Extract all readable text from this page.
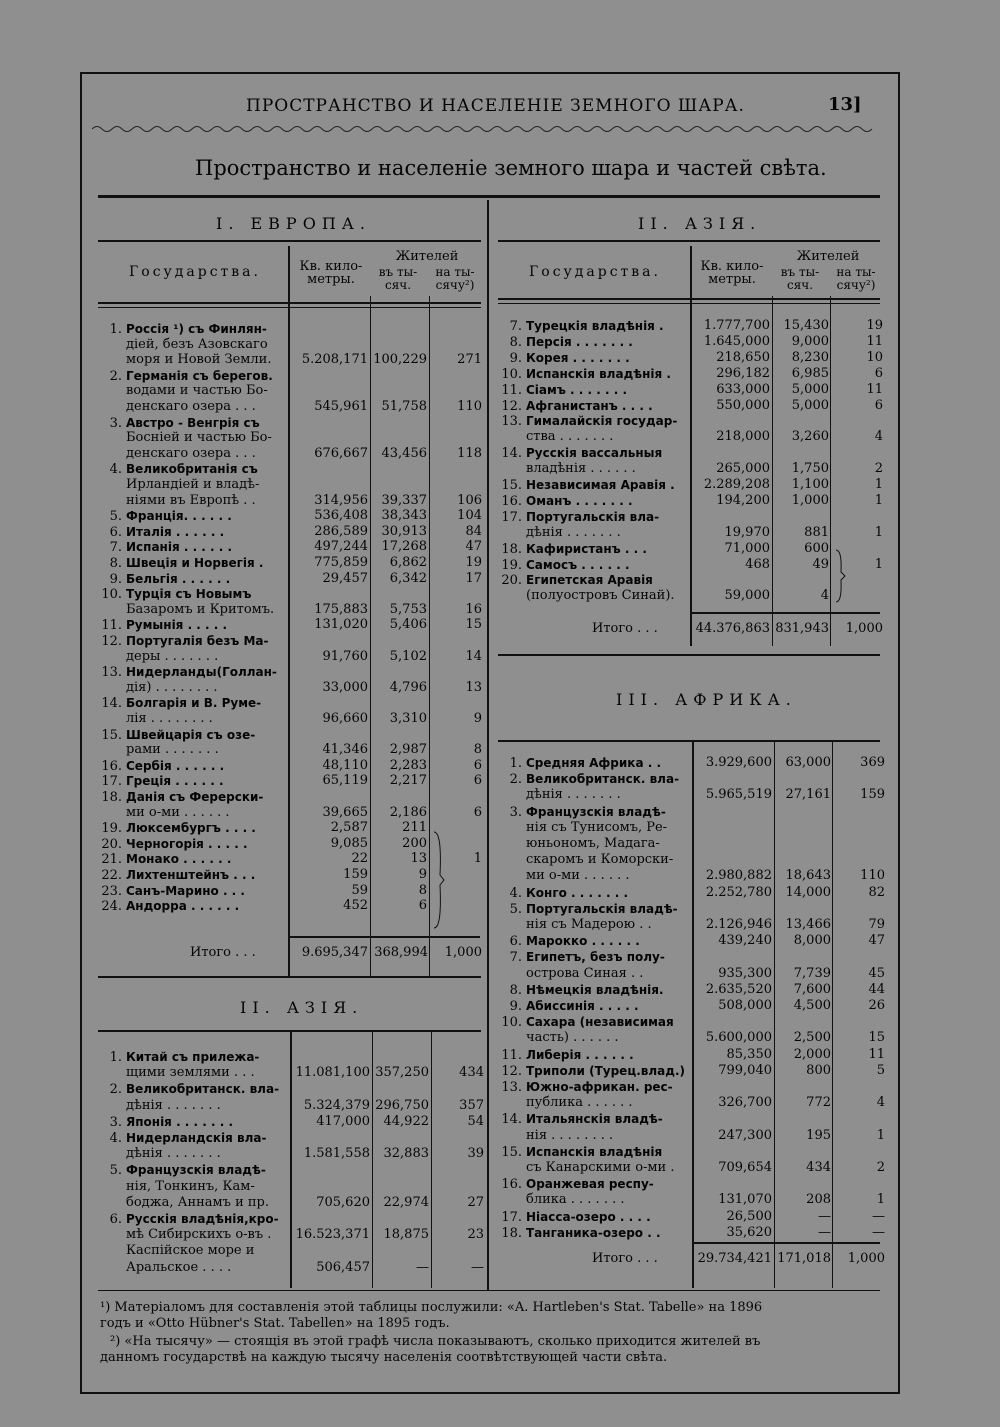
ПРОСТРАНСТВО И НАСЕЛЕНІЕ ЗЕМНОГО ШАРА.	13]
Пространство и населеніе земного шара и частей свѣта.
I. ЕВРОПА.
Государства.	Кв. кило-метры.
Жителей
въ ты-сяч.
на ты-сячу²)
1. Россія ¹) съ Финлян-
діей, безъ Азовскаго
моря и Новой Земли.	5.208,171 100,229	271
2. Германія съ берегов.
водами и частью Бо-
денскаго озера . . .	545,961	51,758	110
3. Австро - Венгрія съ
Босніей и частью Бо-
денскаго озера . . .	676,667	43,456	118
4. Великобританія съ
Ирландіей и владѣ-
ніями въ Европѣ . .	314,956	39,337	106
5. Франція. . . . . .	536,408	38,343	104
6. Италія . . . . . .	286,589	30,913	84
7. Испанія . . . . . .	497,244	17,268	47
8. Швеція и Норвегія .	775,859	6,862	19
9. Бельгія . . . . . .	29,457	6,342	17
10. Турція съ Новымъ
Базаромъ и Критомъ.	175,883	5,753	16
11. Румынія . . . . .	131,020	5,406	15
12. Португалія безъ Ма-
деры . . . . . . .	91,760	5,102	14
13. Нидерланды(Голлан-
дія) . . . . . . . .	33,000	4,796	13
14. Болгарія и В. Руме-
лія . . . . . . . .	96,660	3,310	9
15. Швейцарія съ озе-
рами . . . . . . .	41,346	2,987	8
16. Сербія . . . . . .	48,110	2,283	6
17. Греція . . . . . .	65,119	2,217	6
18. Данія съ Ферерски-
ми о-ми . . . . . .	39,665	2,186	6
19. Люксембургъ . . . .	2,587	211
20. Черногорія . . . . .	9,085	200
21. Монако . . . . . .	22	13	1
22. Лихтенштейнъ . . .	159	9
23. Санъ-Марино . . .	59	8
24. Андорра . . . . . .	452	6
Итого . . .	9.695,347 368,994	1,000
II. АЗІЯ.
1. Китай съ прилежа-
щими землями . . .	11.081,100 357,250	434
2. Великобританск. вла-
дѣнія . . . . . . .	5.324,379 296,750	357
3. Японія . . . . . . .	417,000	44,922	54
4. Нидерландскія вла-
дѣнія . . . . . . .	1.581,558	32,883	39
5. Французскія владѣ-
нія, Тонкинъ, Кам-
боджа, Аннамъ и пр.	705,620	22,974	27
6. Русскія владѣнія,кро-
мѣ Сибирскихъ о-въ . 16.523,371	18,875	23
Каспійское море и
Аральское . . . .	506,457	—	—
II. АЗІЯ.
Государства.	Кв. кило-метры.
Жителей
въ ты-сяч.
на ты-сячу²)
7. Турецкія владѣнія .	1.777,700	15,430	19
8. Персія . . . . . . .	1.645,000	9,000	11
9. Корея . . . . . . .	218,650	8,230	10
10. Испанскія владѣнія .	296,182	6,985	6
11. Сіамъ . . . . . . .	633,000	5,000	11
12. Афганистанъ . . . .	550,000	5,000	6
13. Гималайскія государ-
ства . . . . . . .	218,000	3,260	4
14. Русскія вассальныя
владѣнія . . . . . .	265,000	1,750	2
15. Независимая Аравія .	2.289,208	1,100	1
16. Оманъ . . . . . . .	194,200	1,000	1
17. Португальскія вла-
дѣнія . . . . . . .	19,970	881	1
18. Кафиристанъ . . .	71,000	600
19. Самосъ . . . . . .	468	49	1
20. Египетская Аравія
(полуостровъ Синай).	59,000	4
Итого . . .	44.376,863 831,943	1,000
III. АФРИКА.
1. Средняя Африка . .	3.929,600	63,000	369
2. Великобританск. вла-
дѣнія . . . . . . .	5.965,519	27,161	159
3. Французскія владѣ-
нія съ Тунисомъ, Ре-
юньономъ, Мадага-
скаромъ и Коморски-
ми о-ми . . . . . .	2.980,882	18,643	110
4. Конго . . . . . . .	2.252,780	14,000	82
5. Португальскія владѣ-
нія съ Мадерою . .	2.126,946	13,466	79
6. Марокко . . . . . .	439,240	8,000	47
7. Египетъ, безъ полу-
острова Синая . .	935,300	7,739	45
8. Нѣмецкія владѣнія.	2.635,520	7,600	44
9. Абиссинія . . . . .	508,000	4,500	26
10. Сахара (независимая
часть) . . . . . .	5.600,000	2,500	15
11. Либерія . . . . . .	85,350	2,000	11
12. Триполи (Турец.влад.)	799,040	800	5
13. Южно-африкан. рес-
публика . . . . . .	326,700	772	4
14. Итальянскія владѣ-
нія . . . . . . . .	247,300	195	1
15. Испанскія владѣнія
съ Канарскими о-ми .	709,654	434	2
16. Оранжевая респу-
блика . . . . . . .	131,070	208	1
17. Ніасса-озеро . . . .	26,500	—	—
18. Танганика-озеро . .	35,620	—	—
Итого . . .	29.734,421 171,018	1,000
¹) Матеріаломъ для составленія этой таблицы послужили: «A. Hartleben's Stat. Tabelle» на 1896
годъ и «Otto Hübner's Stat. Tabellen» на 1895 годъ.
²) «На тысячу» — стоящія въ этой графѣ числа показываютъ, сколько приходится жителей въ
данномъ государствѣ на каждую тысячу населенія соотвѣтствующей части свѣта.
